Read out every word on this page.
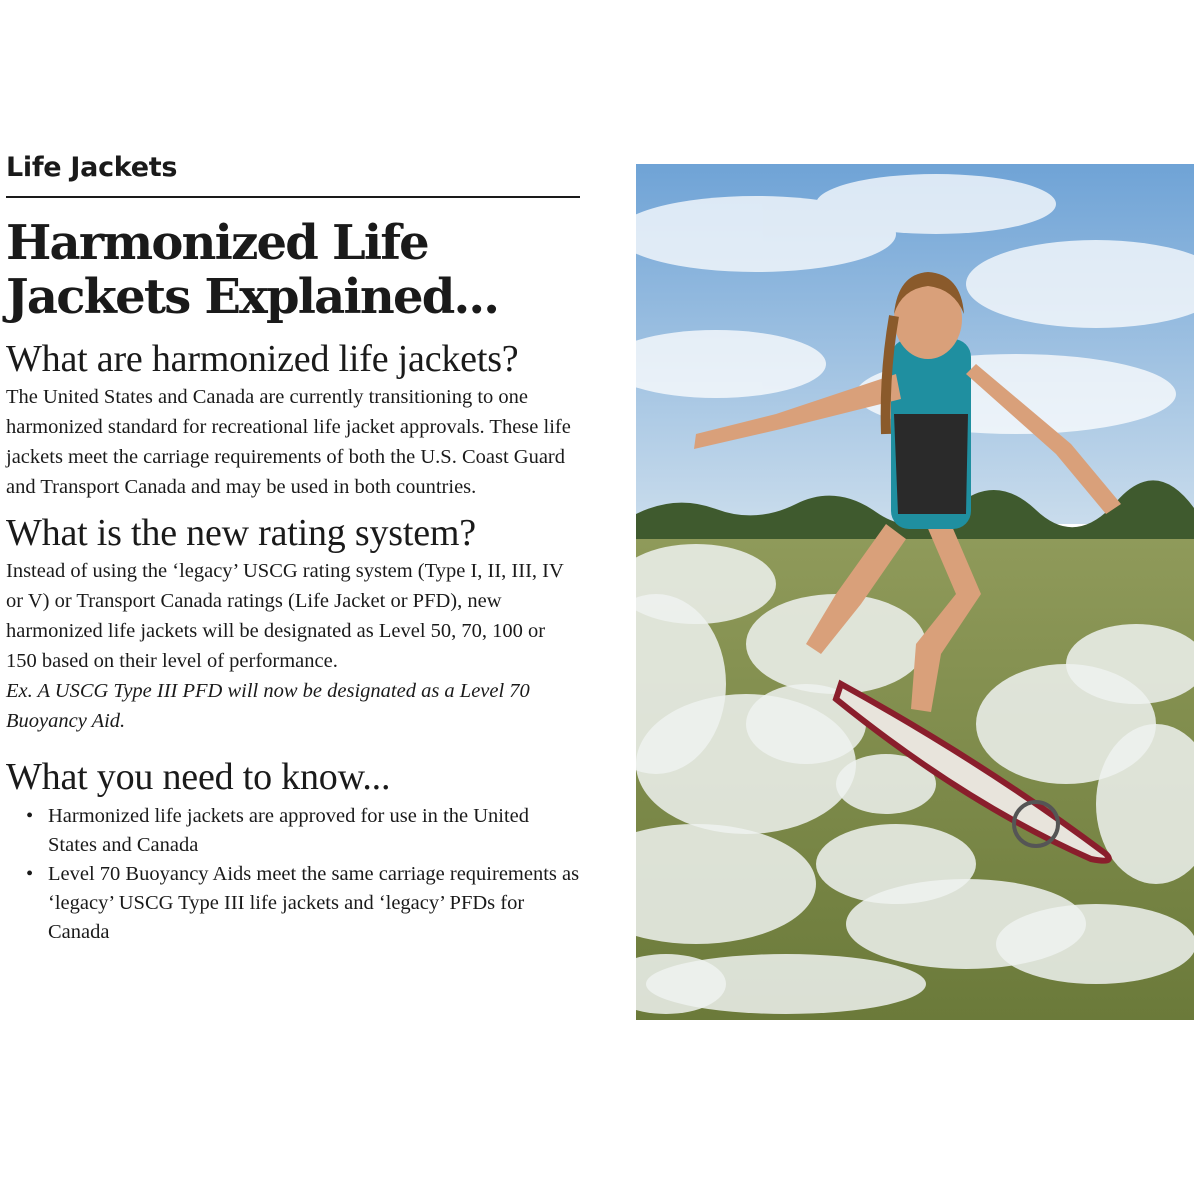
Life Jackets
Harmonized Life Jackets Explained...
What are harmonized life jackets?

The United States and Canada are currently transitioning to one harmonized standard for recreational life jacket approvals. These life jackets meet the carriage requirements of both the U.S. Coast Guard and Transport Canada and may be used in both countries.

What is the new rating system?

Instead of using the ‘legacy’ USCG rating system (Type I, II, III, IV or V) or Transport Canada ratings (Life Jacket or PFD), new harmonized life jackets will be designated as Level 50, 70, 100 or 150 based on their level of performance.

Ex. A USCG Type III PFD will now be designated as a Level 70 Buoyancy Aid.

What you need to know...
• Harmonized life jackets are approved for use in the United States and Canada
• Level 70 Buoyancy Aids meet the same carriage requirements as ‘legacy’ USCG Type III life jackets and ‘legacy’ PFDs for Canada
